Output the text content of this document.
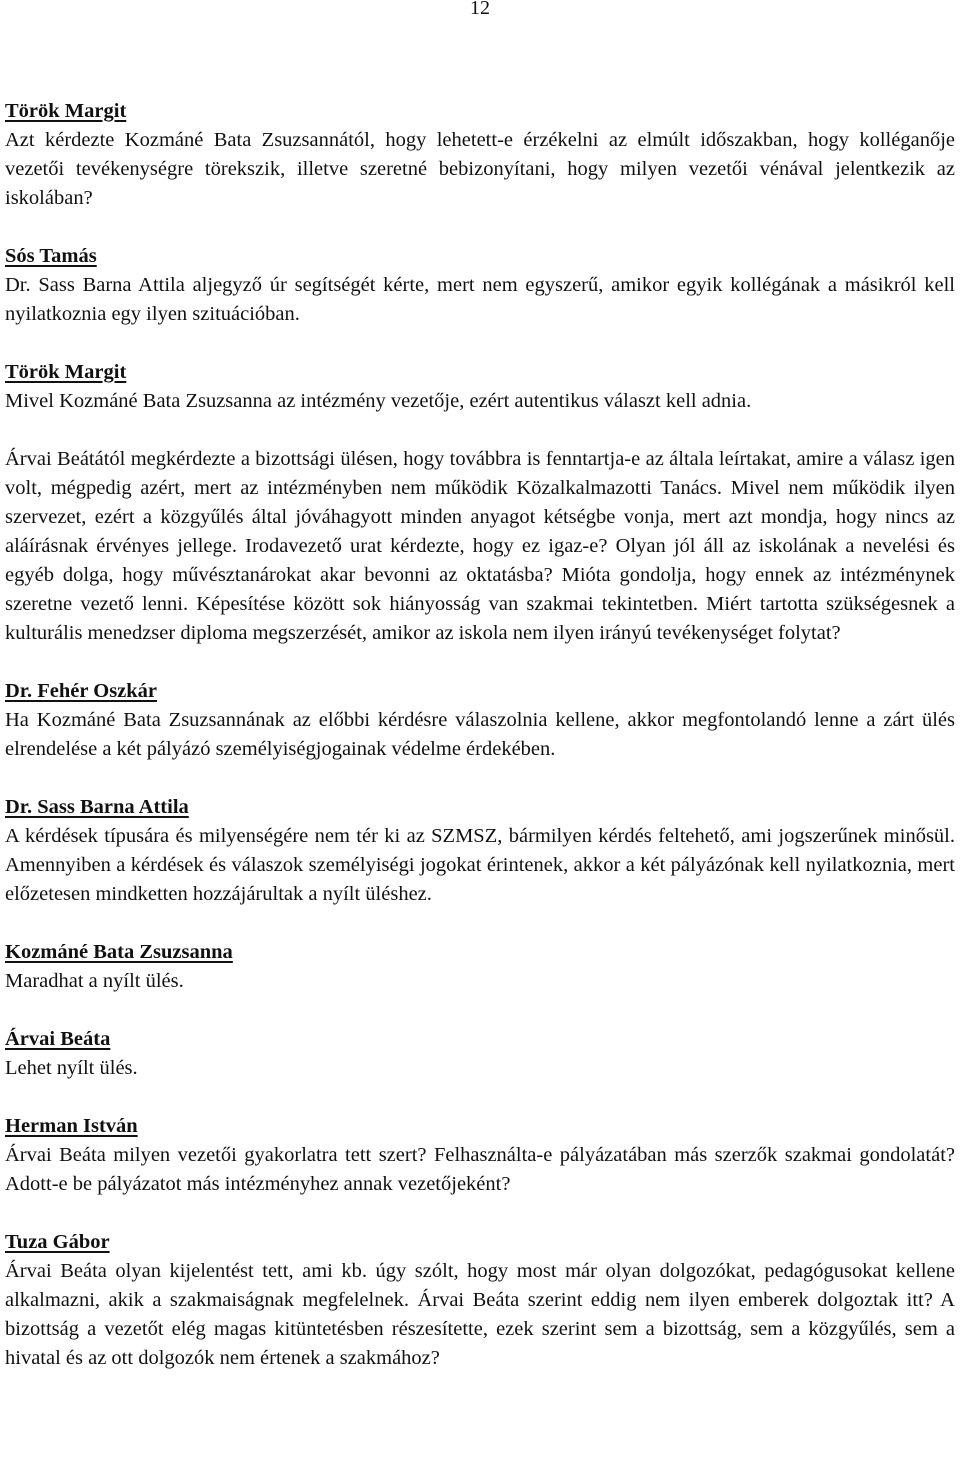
12
Török Margit

Azt kérdezte Kozmáné Bata Zsuzsannától, hogy lehetett-e érzékelni az elmúlt időszakban, hogy kolléganője vezetői tevékenységre törekszik, illetve szeretné bebizonyítani, hogy milyen vezetői vénával jelentkezik az iskolában?

Sós Tamás

Dr. Sass Barna Attila aljegyző úr segítségét kérte, mert nem egyszerű, amikor egyik kollégának a másikról kell nyilatkoznia egy ilyen szituációban.

Török Margit

Mivel Kozmáné Bata Zsuzsanna az intézmény vezetője, ezért autentikus választ kell adnia.

Árvai Beátától megkérdezte a bizottsági ülésen, hogy továbbra is fenntartja-e az általa leírtakat, amire a válasz igen volt, mégpedig azért, mert az intézményben nem működik Közalkalmazotti Tanács. Mivel nem működik ilyen szervezet, ezért a közgyűlés által jóváhagyott minden anyagot kétségbe vonja, mert azt mondja, hogy nincs az aláírásnak érvényes jellege. Irodavezető urat kérdezte, hogy ez igaz-e? Olyan jól áll az iskolának a nevelési és egyéb dolga, hogy művésztanárokat akar bevonni az oktatásba? Mióta gondolja, hogy ennek az intézménynek szeretne vezető lenni. Képesítése között sok hiányosság van szakmai tekintetben. Miért tartotta szükségesnek a kulturális menedzser diploma megszerzését, amikor az iskola nem ilyen irányú tevékenységet folytat?

Dr. Fehér Oszkár

Ha Kozmáné Bata Zsuzsannának az előbbi kérdésre válaszolnia kellene, akkor megfontolandó lenne a zárt ülés elrendelése a két pályázó személyiségjogainak védelme érdekében.

Dr. Sass Barna Attila

A kérdések típusára és milyenségére nem tér ki az SZMSZ, bármilyen kérdés feltehető, ami jogszerűnek minősül. Amennyiben a kérdések és válaszok személyiségi jogokat érintenek, akkor a két pályázónak kell nyilatkoznia, mert előzetesen mindketten hozzájárultak a nyílt üléshez.

Kozmáné Bata Zsuzsanna

Maradhat a nyílt ülés.

Árvai Beáta

Lehet nyílt ülés.

Herman István

Árvai Beáta milyen vezetői gyakorlatra tett szert? Felhasználta-e pályázatában más szerzők szakmai gondolatát? Adott-e be pályázatot más intézményhez annak vezetőjeként?

Tuza Gábor

Árvai Beáta olyan kijelentést tett, ami kb. úgy szólt, hogy most már olyan dolgozókat, pedagógusokat kellene alkalmazni, akik a szakmaiságnak megfelelnek. Árvai Beáta szerint eddig nem ilyen emberek dolgoztak itt? A bizottság a vezetőt elég magas kitüntetésben részesítette, ezek szerint sem a bizottság, sem a közgyűlés, sem a hivatal és az ott dolgozók nem értenek a szakmához?
